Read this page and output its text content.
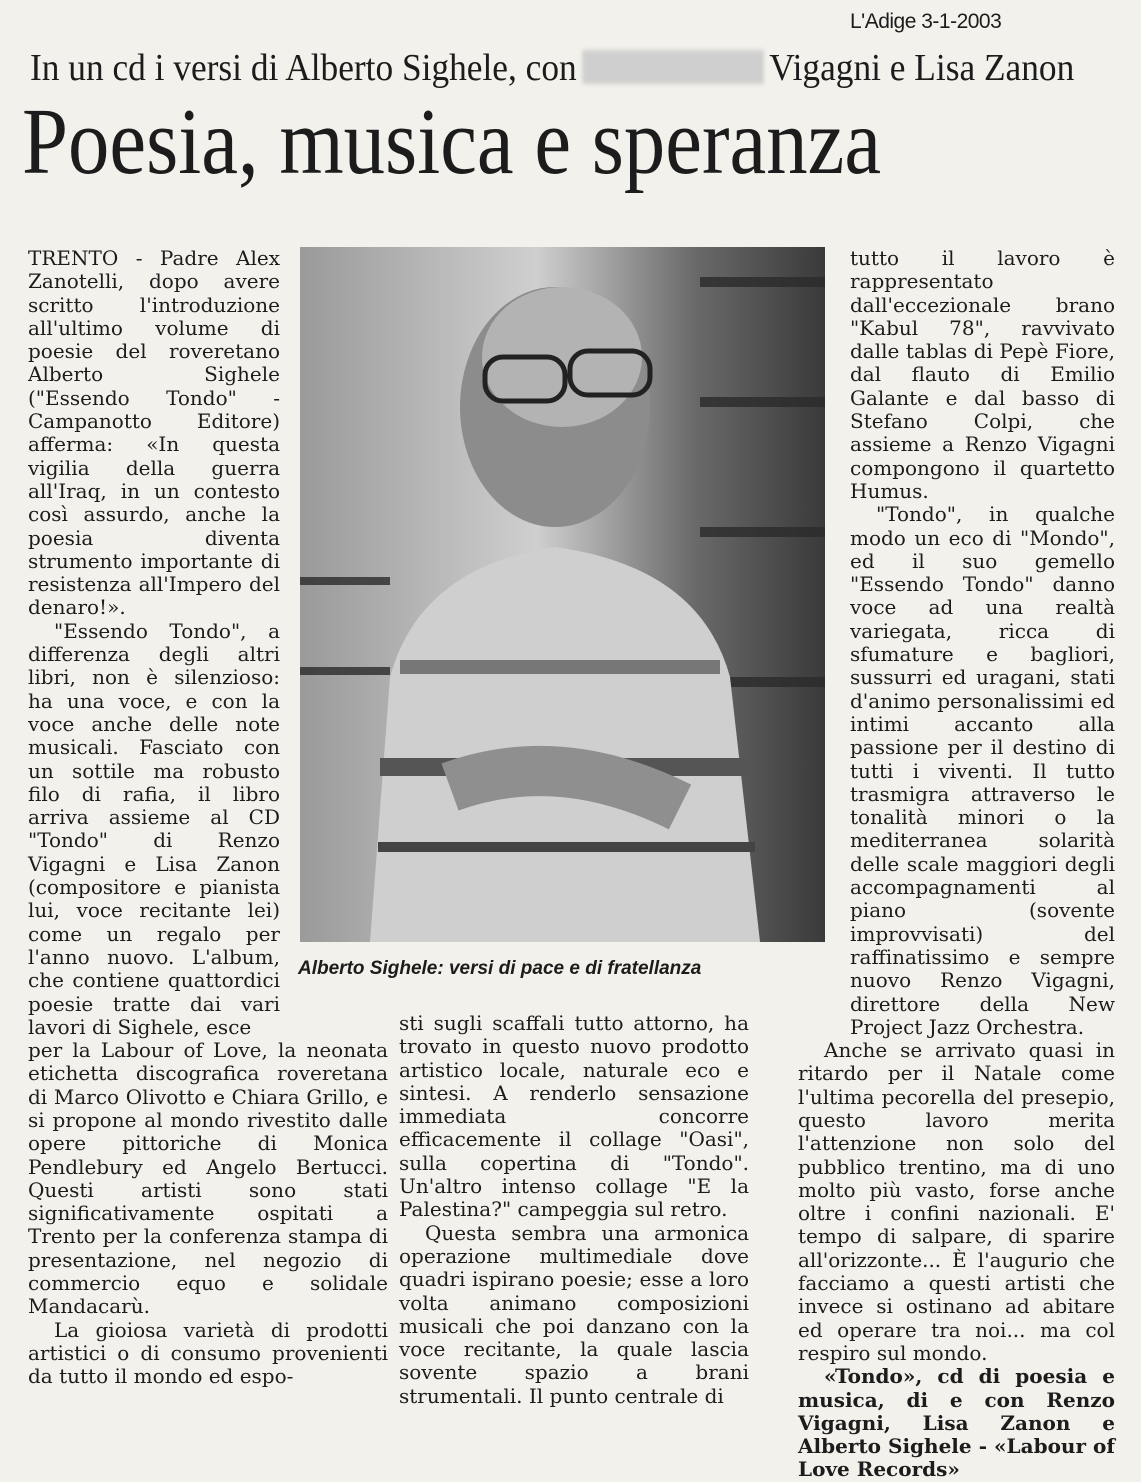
L'Adige 3-1-2003
In un cd i versi di Alberto Sighele, con	Vigagni e Lisa Zanon
Poesia, musica e speranza
Alberto Sighele: versi di pace e di fratellanza

TRENTO - Padre Alex Zanotelli, dopo avere scritto l'introduzione all'ultimo volume di poesie del roveretano Alberto Sighele ("Essendo Tondo" - Campanotto Editore) afferma: «In questa vigilia della guerra all'Iraq, in un contesto così assurdo, anche la poesia diventa strumento importante di resistenza all'Impero del denaro!».

"Essendo Tondo", a differenza degli altri libri, non è silenzioso: ha una voce, e con la voce anche delle note musicali. Fasciato con un sottile ma robusto filo di rafia, il libro arriva assieme al CD "Tondo" di Renzo Vigagni e Lisa Zanon (compositore e pianista lui, voce recitante lei) come un regalo per l'anno nuovo. L'album, che contiene quattordici poesie tratte dai vari lavori di Sighele, esce

per la Labour of Love, la neonata etichetta discografica roveretana di Marco Olivotto e Chiara Grillo, e si propone al mondo rivestito dalle opere pittoriche di Monica Pendlebury ed Angelo Bertucci. Questi artisti sono stati significativamente ospitati a Trento per la conferenza stampa di presentazione, nel negozio di commercio equo e solidale Mandacarù.

La gioiosa varietà di prodotti artistici o di consumo provenienti da tutto il mondo ed espo-

sti sugli scaffali tutto attorno, ha trovato in questo nuovo prodotto artistico locale, naturale eco e sintesi. A renderlo sensazione immediata concorre efficacemente il collage "Oasi", sulla copertina di "Tondo". Un'altro intenso collage "E la Palestina?" campeggia sul retro.

Questa sembra una armonica operazione multimediale dove quadri ispirano poesie; esse a loro volta animano composizioni musicali che poi danzano con la voce recitante, la quale lascia sovente spazio a brani strumentali. Il punto centrale di

tutto il lavoro è rappresentato dall'eccezionale brano "Kabul 78", ravvivato dalle tablas di Pepè Fiore, dal flauto di Emilio Galante e dal basso di Stefano Colpi, che assieme a Renzo Vigagni compongono il quartetto Humus.

"Tondo", in qualche modo un eco di "Mondo", ed il suo gemello "Essendo Tondo" danno voce ad una realtà variegata, ricca di sfumature e bagliori, sussurri ed uragani, stati d'animo personalissimi ed intimi accanto alla passione per il destino di tutti i viventi. Il tutto trasmigra attraverso le tonalità minori o la mediterranea solarità delle scale maggiori degli accompagnamenti al piano (sovente improvvisati) del raffinatissimo e sempre nuovo Renzo Vigagni, direttore della New Project Jazz Orchestra.

Anche se arrivato quasi in ritardo per il Natale come l'ultima pecorella del presepio, questo lavoro merita l'attenzione non solo del pubblico trentino, ma di uno molto più vasto, forse anche oltre i confini nazionali. E' tempo di salpare, di sparire all'orizzonte... È l'augurio che facciamo a questi artisti che invece si ostinano ad abitare ed operare tra noi... ma col respiro sul mondo.

«Tondo», cd di poesia e musica, di e con Renzo Vigagni, Lisa Zanon e Alberto Sighele - «Labour of Love Records»
